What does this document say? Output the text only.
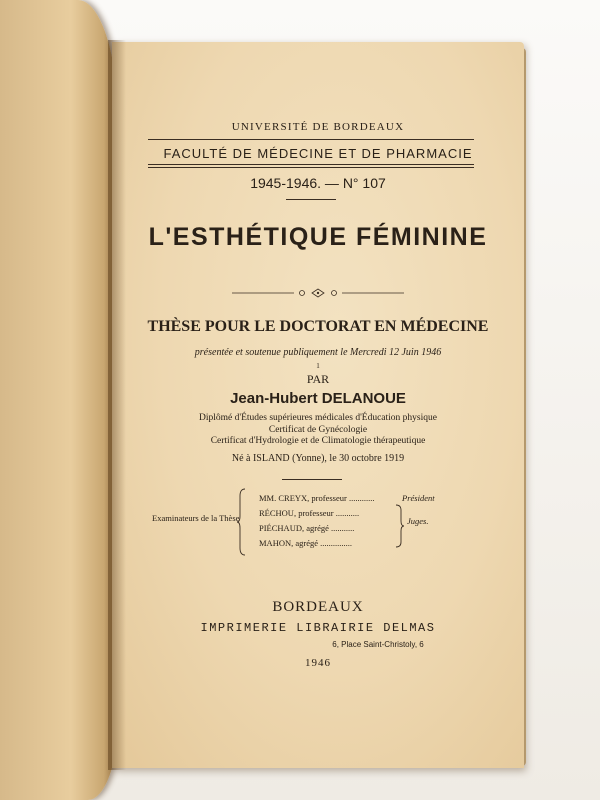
UNIVERSITÉ DE BORDEAUX
FACULTÉ DE MÉDECINE ET DE PHARMACIE
1945-1946. — N° 107
L'ESTHÉTIQUE FÉMININE
THÈSE POUR LE DOCTORAT EN MÉDECINE
présentée et soutenue publiquement le Mercredi 12 Juin 1946
1
PAR
Jean-Hubert DELANOUE
Diplômé d'Études supérieures médicales d'Éducation physique
Certificat de Gynécologie
Certificat d'Hydrologie et de Climatologie thérapeutique
Né à ISLAND (Yonne), le 30 octobre 1919
Examinateurs de la Thèse
MM. CREYX, professeur ............
RÉCHOU, professeur ...........
PIÉCHAUD, agrégé ...........
MAHON, agrégé ...............
Président
Juges.
BORDEAUX
IMPRIMERIE LIBRAIRIE DELMAS
6, Place Saint-Christoly, 6
1946
